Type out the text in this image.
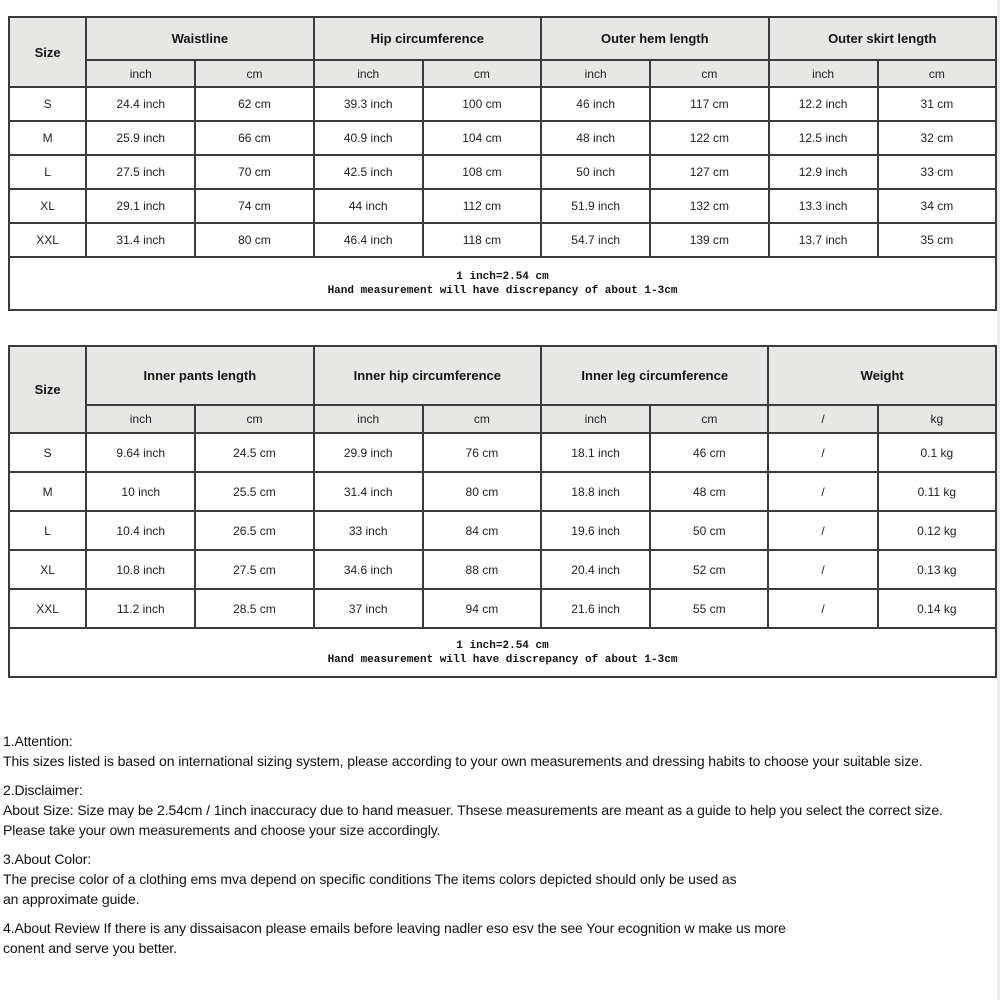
Size	Waistline		Hip circumference		Outer hem length		Outer skirt length	
	inch	cm	inch	cm	inch	cm	inch	cm
S	24.4 inch	62 cm	39.3 inch	100 cm	46 inch	117 cm	12.2 inch	31 cm
M	25.9 inch	66 cm	40.9 inch	104 cm	48 inch	122 cm	12.5 inch	32 cm
L	27.5 inch	70 cm	42.5 inch	108 cm	50 inch	127 cm	12.9 inch	33 cm
XL	29.1 inch	74 cm	44 inch	112 cm	51.9 inch	132 cm	13.3 inch	34 cm
XXL	31.4 inch	80 cm	46.4 inch	118 cm	54.7 inch	139 cm	13.7 inch	35 cm

1 inch=2.54 cm
Hand measurement will have discrepancy of about 1-3cm								
Size	Inner pants length		Inner hip circumference		Inner leg circumference		Weight	
	inch	cm	inch	cm	inch	cm	/	kg
S	9.64 inch	24.5 cm	29.9 inch	76 cm	18.1 inch	46 cm	/	0.1 kg
M	10 inch	25.5 cm	31.4 inch	80 cm	18.8 inch	48 cm	/	0.11 kg
L	10.4 inch	26.5 cm	33 inch	84 cm	19.6 inch	50 cm	/	0.12 kg
XL	10.8 inch	27.5 cm	34.6 inch	88 cm	20.4 inch	52 cm	/	0.13 kg
XXL	11.2 inch	28.5 cm	37 inch	94 cm	21.6 inch	55 cm	/	0.14 kg

1 inch=2.54 cm
Hand measurement will have discrepancy of about 1-3cm								
1.Attention:
This sizes listed is based on international sizing system, please according to your own measurements and dressing habits to choose your suitable size.
2.Disclaimer:
About Size: Size may be 2.54cm / 1inch inaccuracy due to hand measuer. Thsese measurements are meant as a guide to help you select the correct size.
Please take your own measurements and choose your size accordingly.
3.About Color:
The precise color of a clothing ems mva depend on specific conditions The items colors depicted should only be used as
an approximate guide.
4.About Review If there is any dissaisacon please emails before leaving nadler eso esv the see Your ecognition w make us more
conent and serve you better.
